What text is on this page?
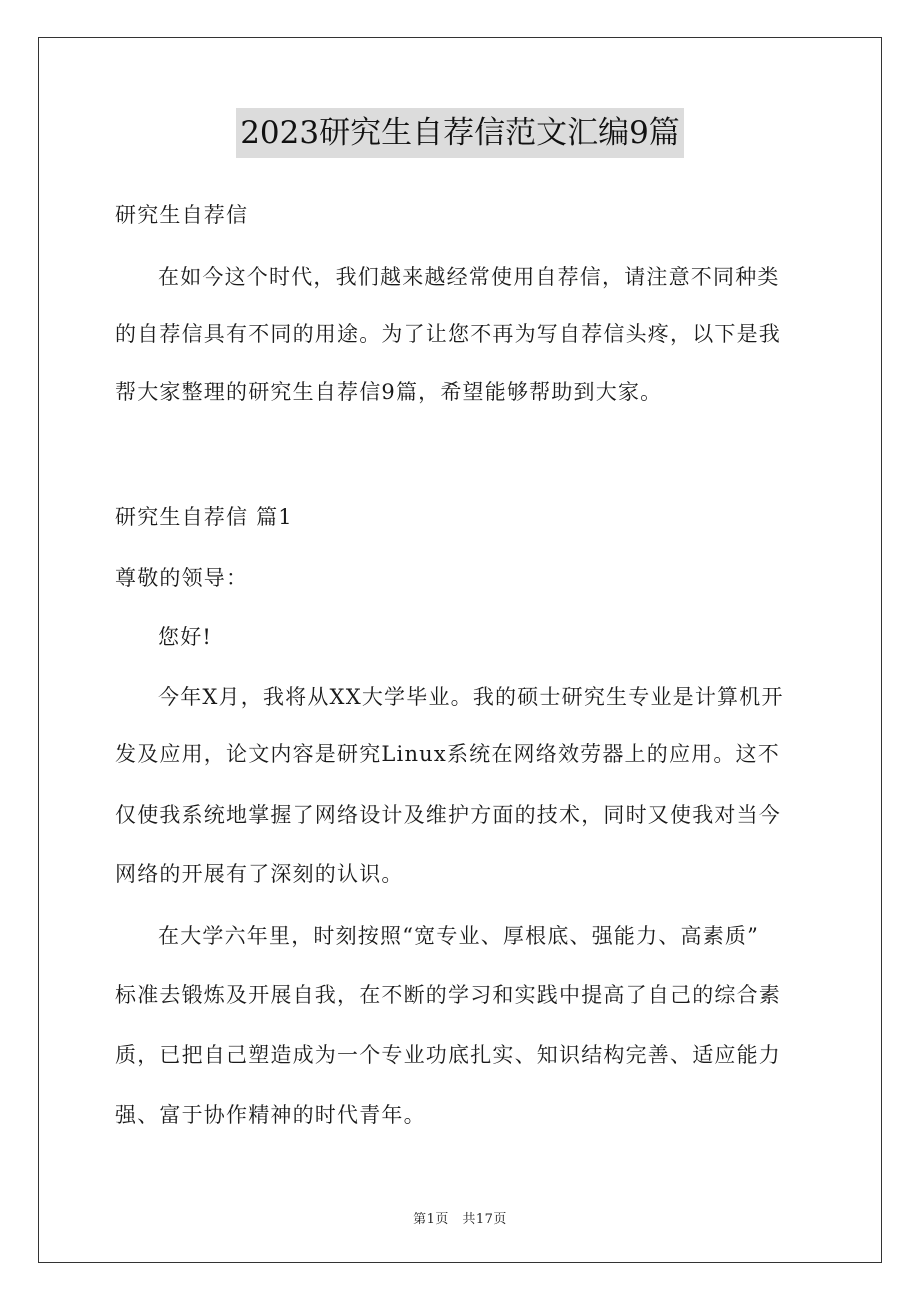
2023研究生自荐信范文汇编9篇
研究生自荐信
在如今这个时代，我们越来越经常使用自荐信，请注意不同种类
的自荐信具有不同的用途。为了让您不再为写自荐信头疼，以下是我
帮大家整理的研究生自荐信9篇，希望能够帮助到大家。
研究生自荐信 篇1
尊敬的领导：
您好!
今年X月，我将从XX大学毕业。我的硕士研究生专业是计算机开
发及应用，论文内容是研究Linux系统在网络效劳器上的应用。这不
仅使我系统地掌握了网络设计及维护方面的技术，同时又使我对当今
网络的开展有了深刻的认识。
在大学六年里，时刻按照“宽专业、厚根底、强能力、高素质”
标准去锻炼及开展自我，在不断的学习和实践中提高了自己的综合素
质，已把自己塑造成为一个专业功底扎实、知识结构完善、适应能力
强、富于协作精神的时代青年。
第1页　共17页
